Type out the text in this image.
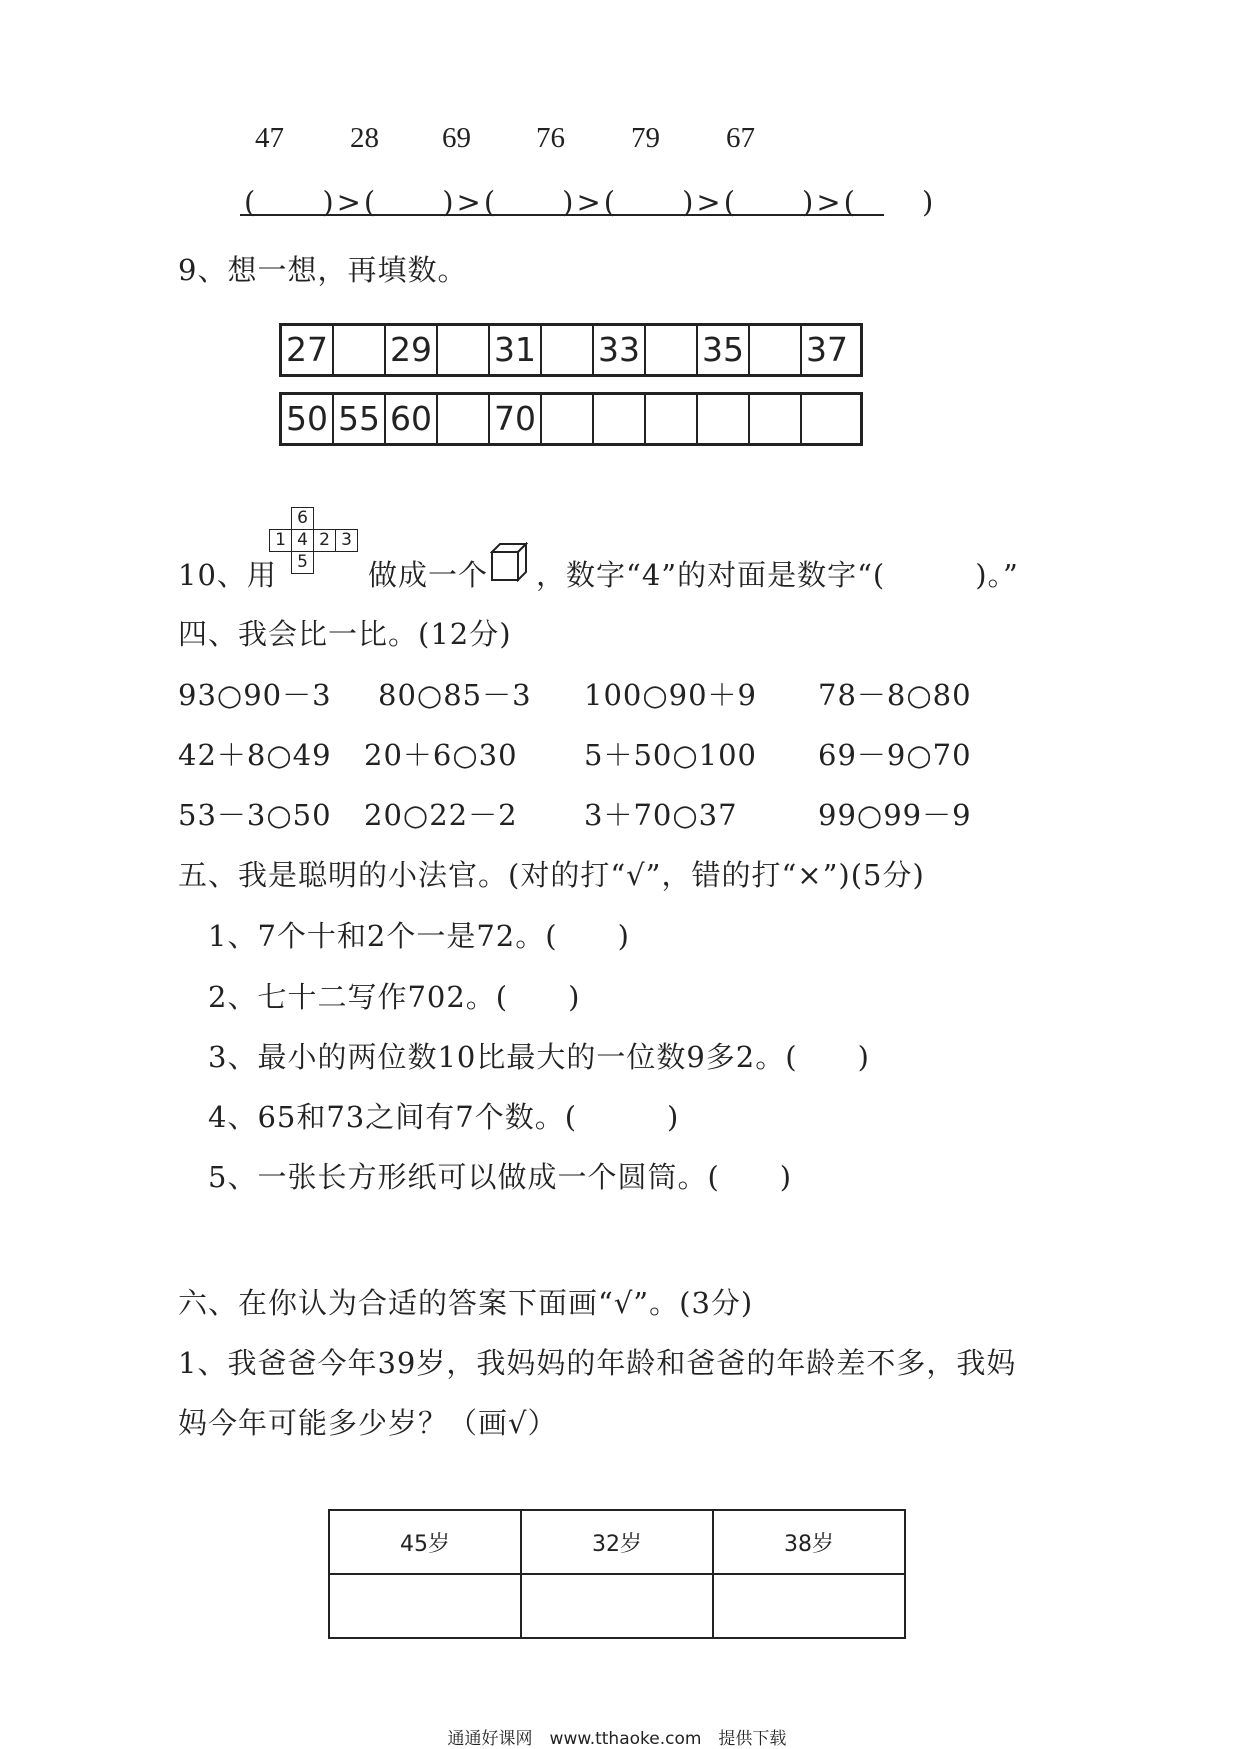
47 28 69 76 79 67
(　　)>(　　)>(　　)>(　　)>(　　)>(　　)
9、想一想，再填数。
27 29 31 33 35 37
50 55 60 70
6
1 4 2 3
5
10、用	做成一个 ，数字“4”的对面是数字“(　　　)。”
四、我会比一比。(12分)
93○90－3 80○85－3 100○90＋9 78－8○80
42＋8○49 20＋6○30 5＋50○100 69－9○70
53－3○50 20○22－2 3＋70○37	99○99－9
五、我是聪明的小法官。(对的打“√”，错的打“×”)(5分)
1、7个十和2个一是72。(　　)
2、七十二写作702。(　　)
3、最小的两位数10比最大的一位数9多2。(　　)
4、65和73之间有7个数。(　　　)
5、一张长方形纸可以做成一个圆筒。(　　)
六、在你认为合适的答案下面画“√”。(3分)
1、我爸爸今年39岁，我妈妈的年龄和爸爸的年龄差不多，我妈
妈今年可能多少岁？（画√）
45岁	32岁	38岁

通通好课网　www.tthaoke.com　提供下载
